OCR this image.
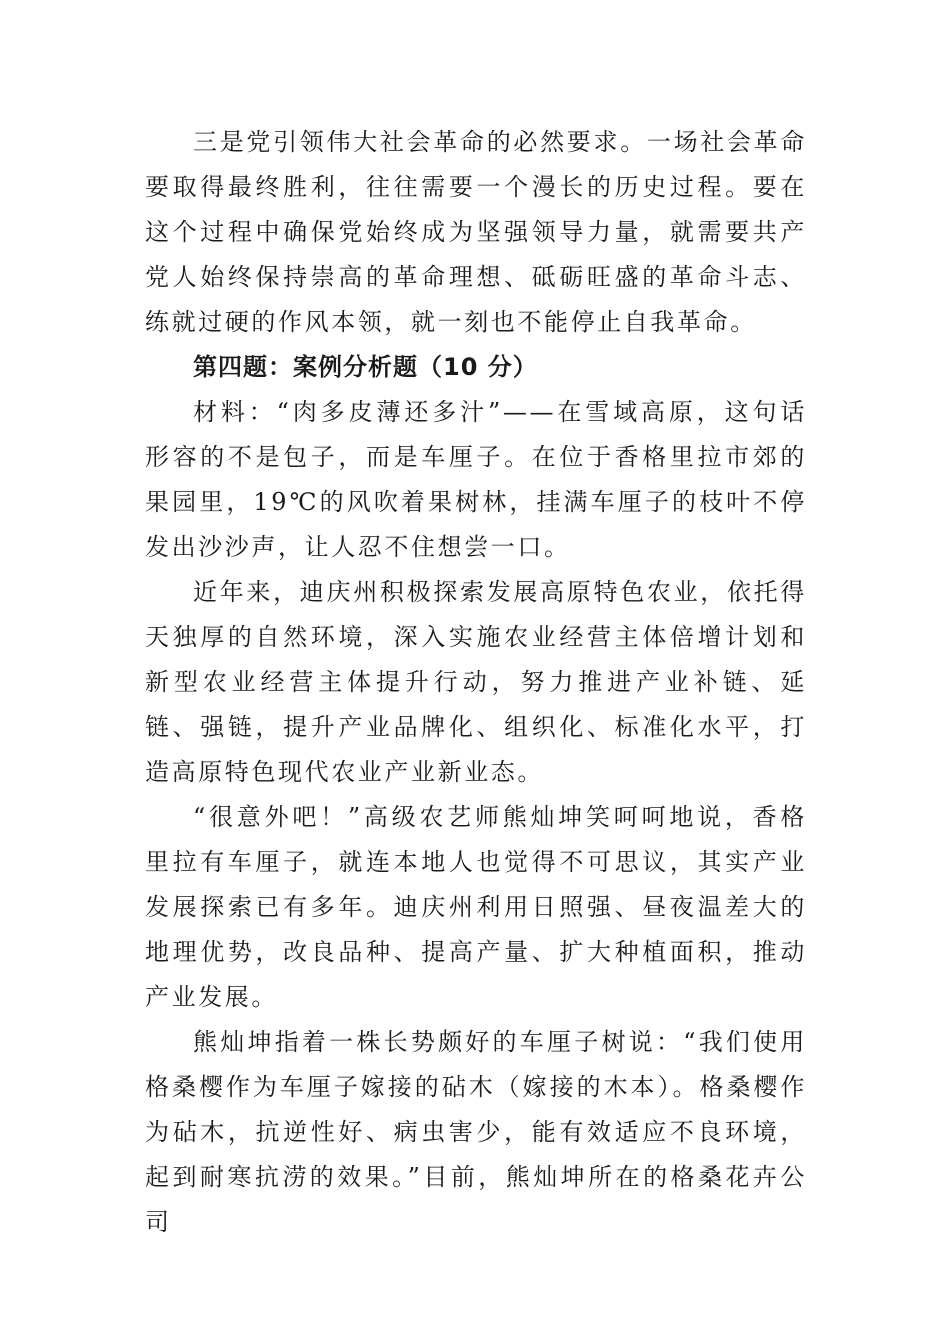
三是党引领伟大社会革命的必然要求。一场社会革命要取得最终胜利，往往需要一个漫长的历史过程。要在这个过程中确保党始终成为坚强领导力量，就需要共产党人始终保持崇高的革命理想、砥砺旺盛的革命斗志、练就过硬的作风本领，就一刻也不能停止自我革命。

第四题：案例分析题（10 分）

材料：“肉多皮薄还多汁”——在雪域高原，这句话形容的不是包子，而是车厘子。在位于香格里拉市郊的果园里，19℃的风吹着果树林，挂满车厘子的枝叶不停发出沙沙声，让人忍不住想尝一口。

近年来，迪庆州积极探索发展高原特色农业，依托得天独厚的自然环境，深入实施农业经营主体倍增计划和新型农业经营主体提升行动，努力推进产业补链、延链、强链，提升产业品牌化、组织化、标准化水平，打造高原特色现代农业产业新业态。

“很意外吧！”高级农艺师熊灿坤笑呵呵地说，香格里拉有车厘子，就连本地人也觉得不可思议，其实产业发展探索已有多年。迪庆州利用日照强、昼夜温差大的地理优势，改良品种、提高产量、扩大种植面积，推动产业发展。

熊灿坤指着一株长势颇好的车厘子树说：“我们使用格桑樱作为车厘子嫁接的砧木（嫁接的木本）。格桑樱作为砧木，抗逆性好、病虫害少，能有效适应不良环境，起到耐寒抗涝的效果。”目前，熊灿坤所在的格桑花卉公司
